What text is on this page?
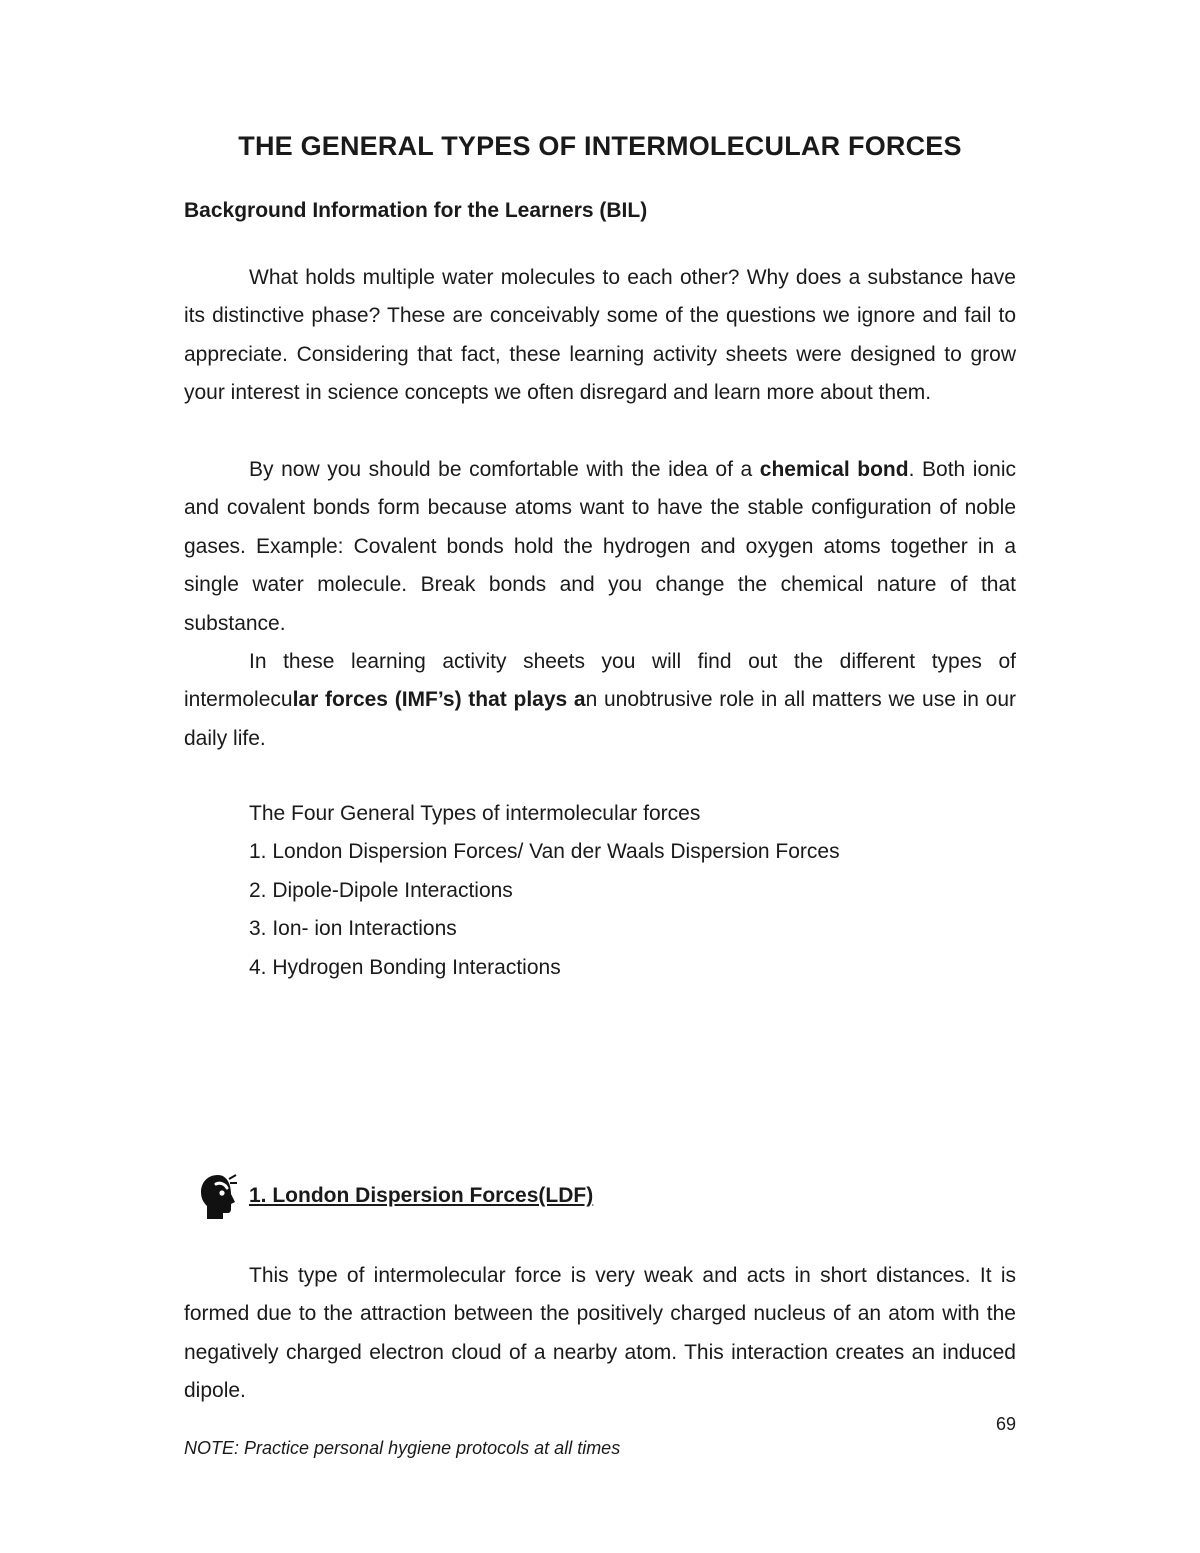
THE GENERAL TYPES OF INTERMOLECULAR FORCES
Background Information for the Learners (BIL)

What holds multiple water molecules to each other? Why does a substance have its distinctive phase? These are conceivably some of the questions we ignore and fail to appreciate. Considering that fact, these learning activity sheets were designed to grow your interest in science concepts we often disregard and learn more about them.

By now you should be comfortable with the idea of a chemical bond. Both ionic and covalent bonds form because atoms want to have the stable configuration of noble gases. Example: Covalent bonds hold the hydrogen and oxygen atoms together in a single water molecule. Break bonds and you change the chemical nature of that substance.

In these learning activity sheets you will find out the different types of intermolecular forces (IMF’s) that plays an unobtrusive role in all matters we use in our daily life.

The Four General Types of intermolecular forces
1. London Dispersion Forces/ Van der Waals Dispersion Forces
2. Dipole-Dipole Interactions
3. Ion- ion Interactions
4. Hydrogen Bonding Interactions
1. London Dispersion Forces(LDF)

This type of intermolecular force is very weak and acts in short distances. It is formed due to the attraction between the positively charged nucleus of an atom with the negatively charged electron cloud of a nearby atom. This interaction creates an induced dipole.

69
NOTE: Practice personal hygiene protocols at all times
